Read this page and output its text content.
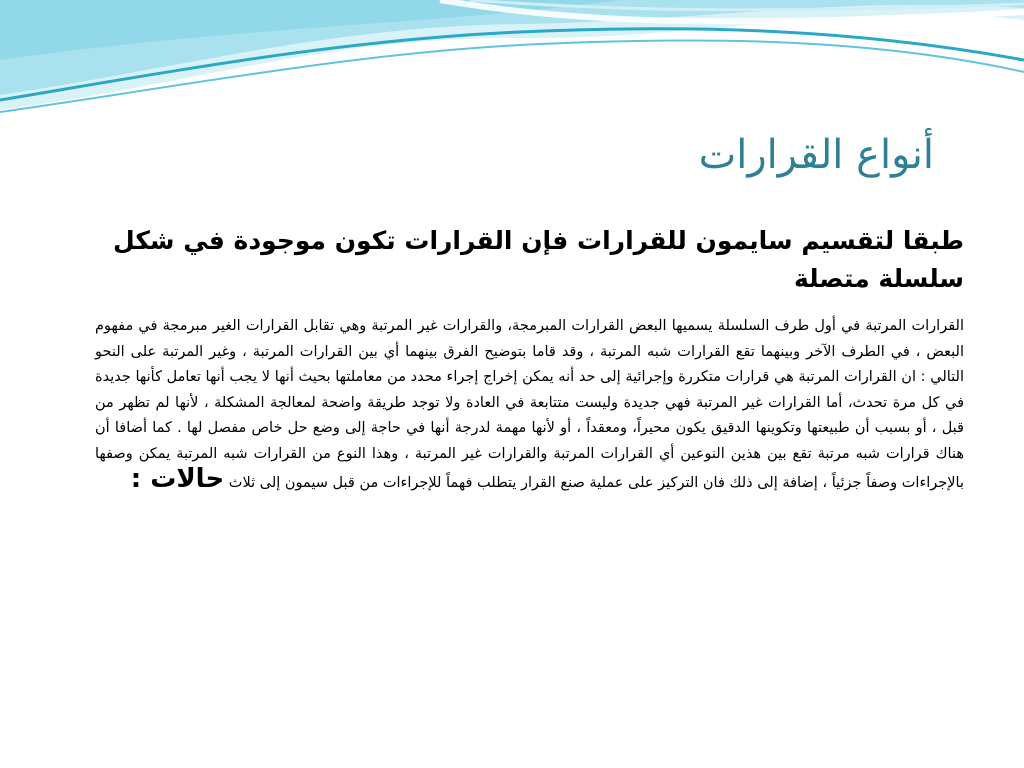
أنواع القرارات
طبقا لتقسيم سايمون للقرارات فإن القرارات تكون موجودة في شكل سلسلة متصلة
القرارات المرتبة في أول طرف السلسلة يسميها البعض القرارات المبرمجة، والقرارات غير المرتبة وهي تقابل القرارات الغير مبرمجة في مفهوم البعض ، في الطرف الآخر وبينهما تقع القرارات شبه المرتبة ، وقد قاما بتوضيح الفرق بينهما أي بين القرارات المرتبة ، وغير المرتبة على النحو التالي : ان القرارات المرتبة هي قرارات متكررة وإجرائية إلى حد أنه يمكن إخراج إجراء محدد من معاملتها بحيث أنها لا يجب أنها تعامل كأنها جديدة في كل مرة تحدث، أما القرارات غير المرتبة فهي جديدة وليست متتابعة في العادة ولا توجد طريقة واضحة لمعالجة المشكلة ، لأنها لم تظهر من قبل ، أو بسبب أن طبيعتها وتكوينها الدقيق يكون محيراً، ومعقداً ، أو لأنها مهمة لدرجة أنها في حاجة إلى وضع حل خاص مفصل لها . كما أضافا أن هناك قرارات شبه مرتبة تقع بين هذين النوعين أي القرارات المرتبة والقرارات غير المرتبة ، وهذا النوع من القرارات شبه المرتبة يمكن وصفها بالإجراءات وصفاً جزئياً ، إضافة إلى ذلك فان التركيز على عملية صنع القرار يتطلب فهماً للإجراءات من قبل سيمون إلى ثلاث حالات :
